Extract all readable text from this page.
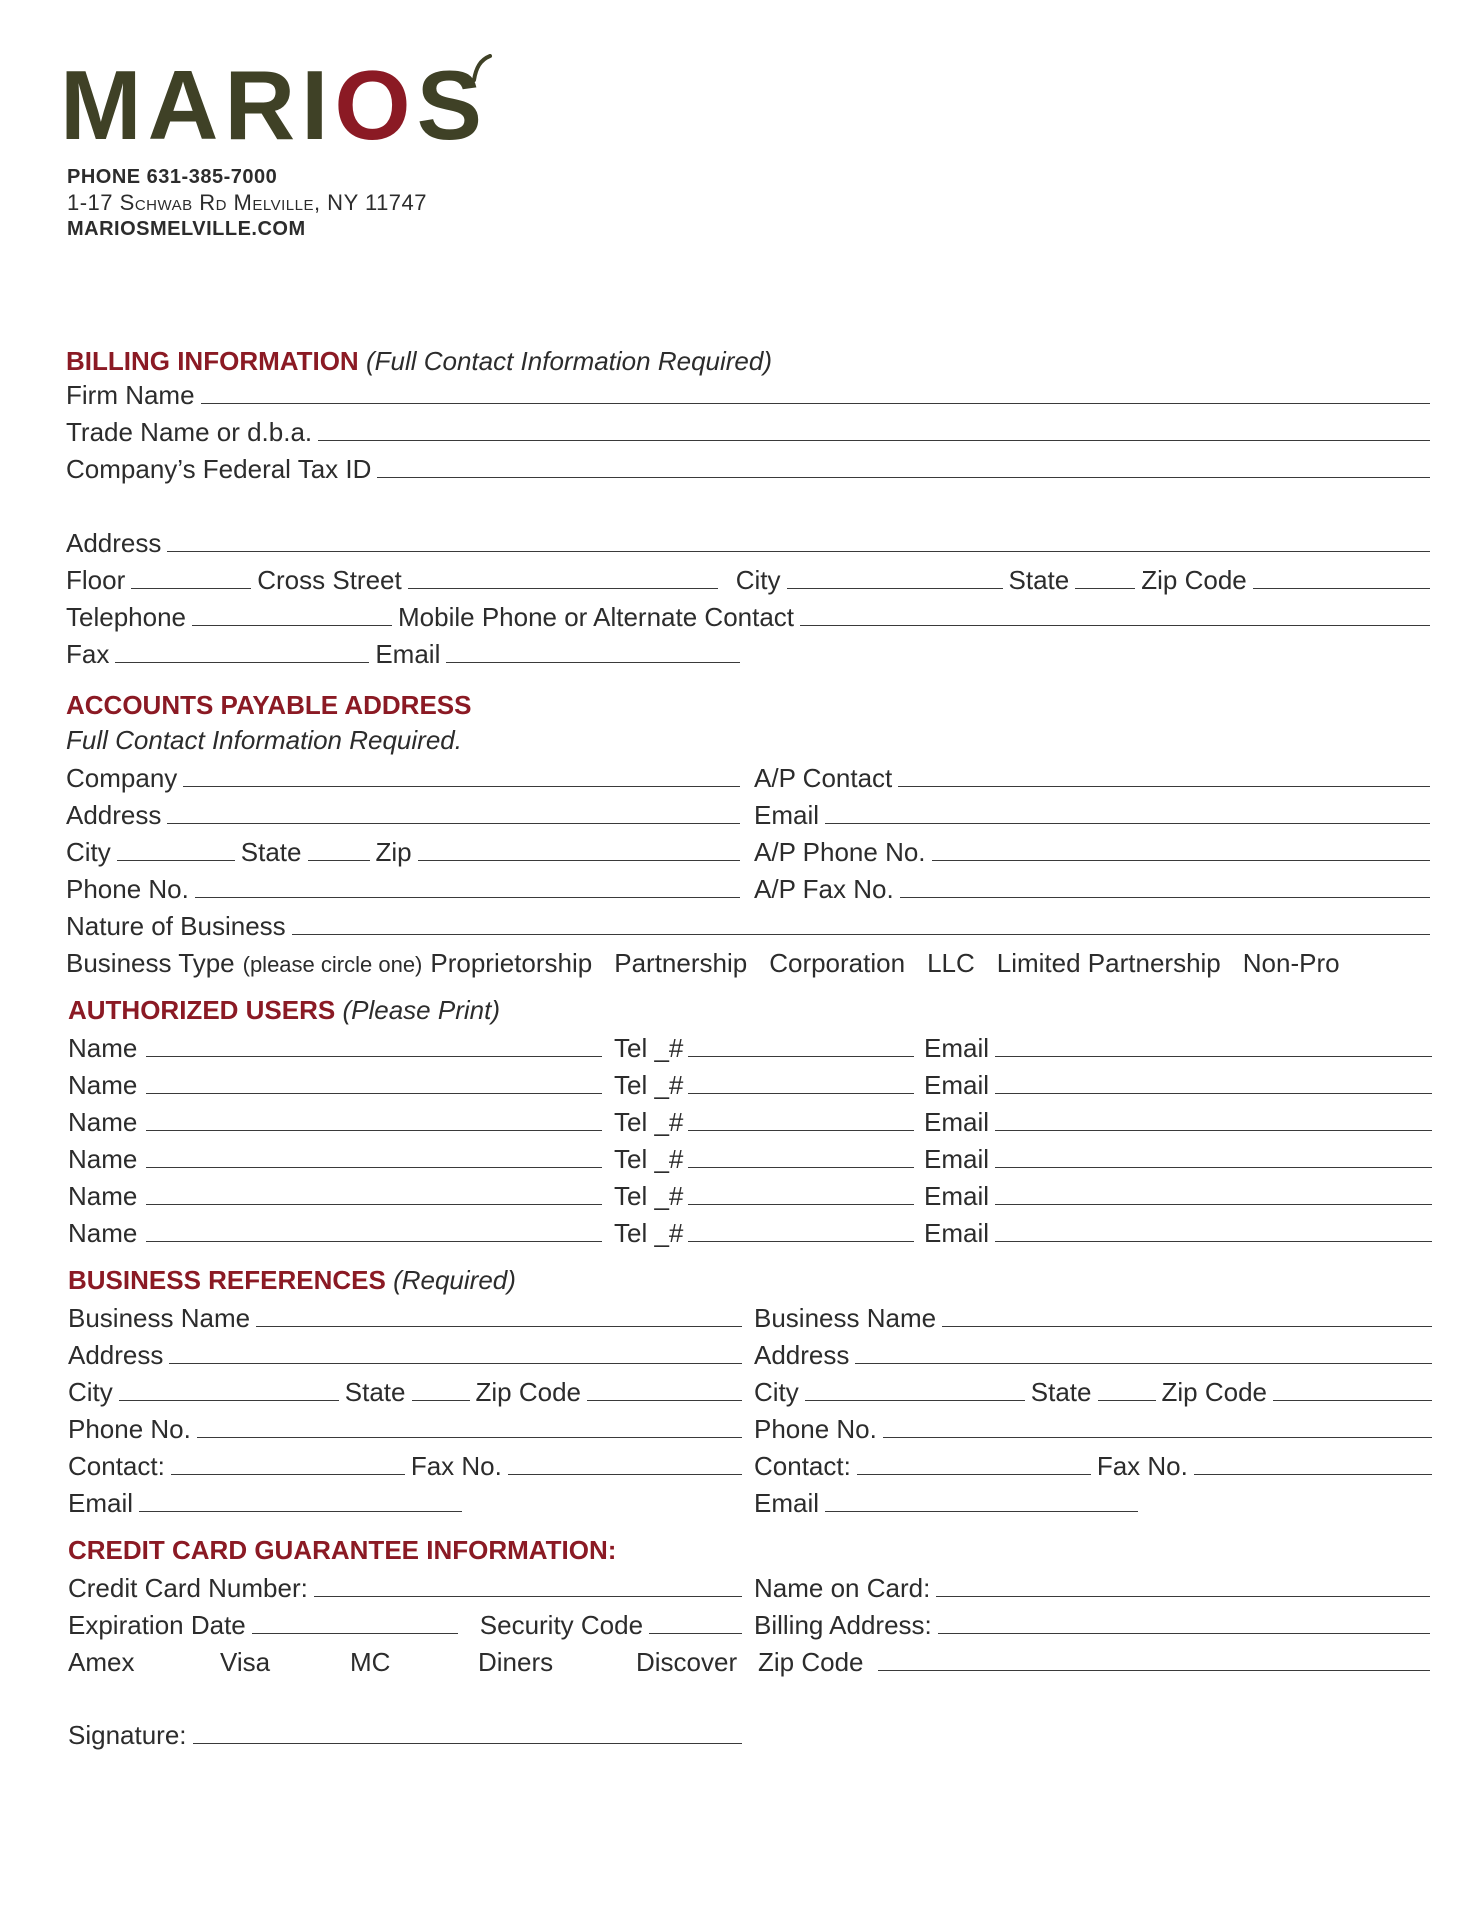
MARIOS
PHONE 631-385-7000
1-17 Schwab Rd Melville, NY 11747
MARIOSMELVILLE.COM
BILLING INFORMATION (Full Contact Information Required)
Firm Name
Trade Name or d.b.a.
Company’s Federal Tax ID
Address
Floor	Cross Street	City	State	Zip Code
Telephone	Mobile Phone or Alternate Contact
Fax	Email
ACCOUNTS PAYABLE ADDRESS
Full Contact Information Required.
Company	A/P Contact
Address	Email
City	State	Zip	A/P Phone No.
Phone No.	A/P Fax No.
Nature of Business
Business Type (please circle one) Proprietorship Partnership Corporation LLC Limited Partnership Non-Pro
AUTHORIZED USERS (Please Print)
Name	Tel _#	Email
Name	Tel _#	Email
Name	Tel _#	Email
Name	Tel _#	Email
Name	Tel _#	Email
Name	Tel _#	Email
BUSINESS REFERENCES (Required)
Business Name
Address
City	State	Zip Code
Phone No.
Contact:	Fax No.
Email
Business Name
Address
City	State	Zip Code
Phone No.
Contact:	Fax No.
Email
CREDIT CARD GUARANTEE INFORMATION:
Credit Card Number:	Name on Card:
Expiration Date	Security Code	Billing Address:
Amex	Visa	MC	Diners	Discover Zip Code
Signature:
